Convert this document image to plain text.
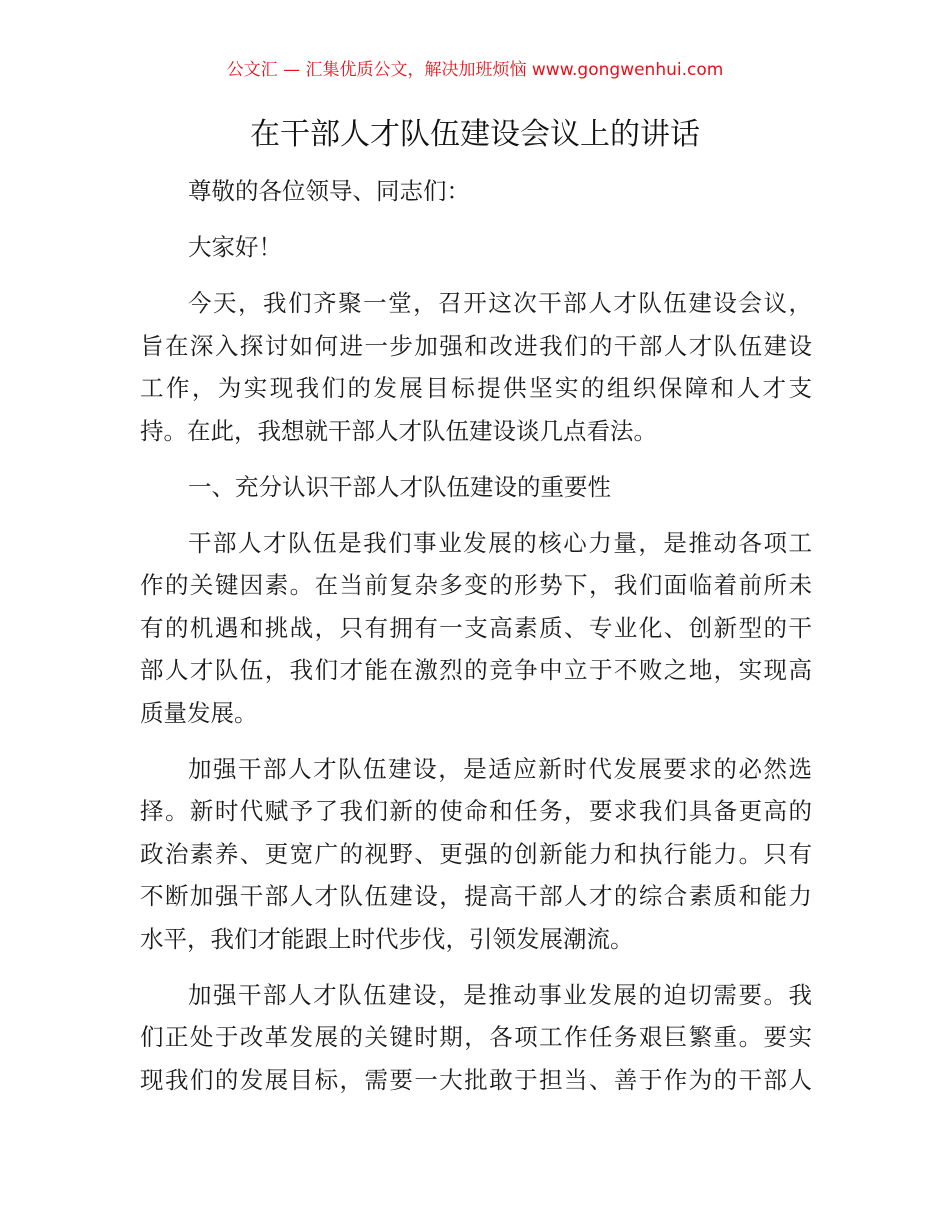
公文汇 — 汇集优质公文，解决加班烦恼 www.gongwenhui.com
在干部人才队伍建设会议上的讲话
尊敬的各位领导、同志们：
大家好！
今天，我们齐聚一堂，召开这次干部人才队伍建设会议，
旨在深入探讨如何进一步加强和改进我们的干部人才队伍建设
工作，为实现我们的发展目标提供坚实的组织保障和人才支
持。在此，我想就干部人才队伍建设谈几点看法。
一、充分认识干部人才队伍建设的重要性
干部人才队伍是我们事业发展的核心力量，是推动各项工
作的关键因素。在当前复杂多变的形势下，我们面临着前所未
有的机遇和挑战，只有拥有一支高素质、专业化、创新型的干
部人才队伍，我们才能在激烈的竞争中立于不败之地，实现高
质量发展。
加强干部人才队伍建设，是适应新时代发展要求的必然选
择。新时代赋予了我们新的使命和任务，要求我们具备更高的
政治素养、更宽广的视野、更强的创新能力和执行能力。只有
不断加强干部人才队伍建设，提高干部人才的综合素质和能力
水平，我们才能跟上时代步伐，引领发展潮流。
加强干部人才队伍建设，是推动事业发展的迫切需要。我
们正处于改革发展的关键时期，各项工作任务艰巨繁重。要实
现我们的发展目标，需要一大批敢于担当、善于作为的干部人
